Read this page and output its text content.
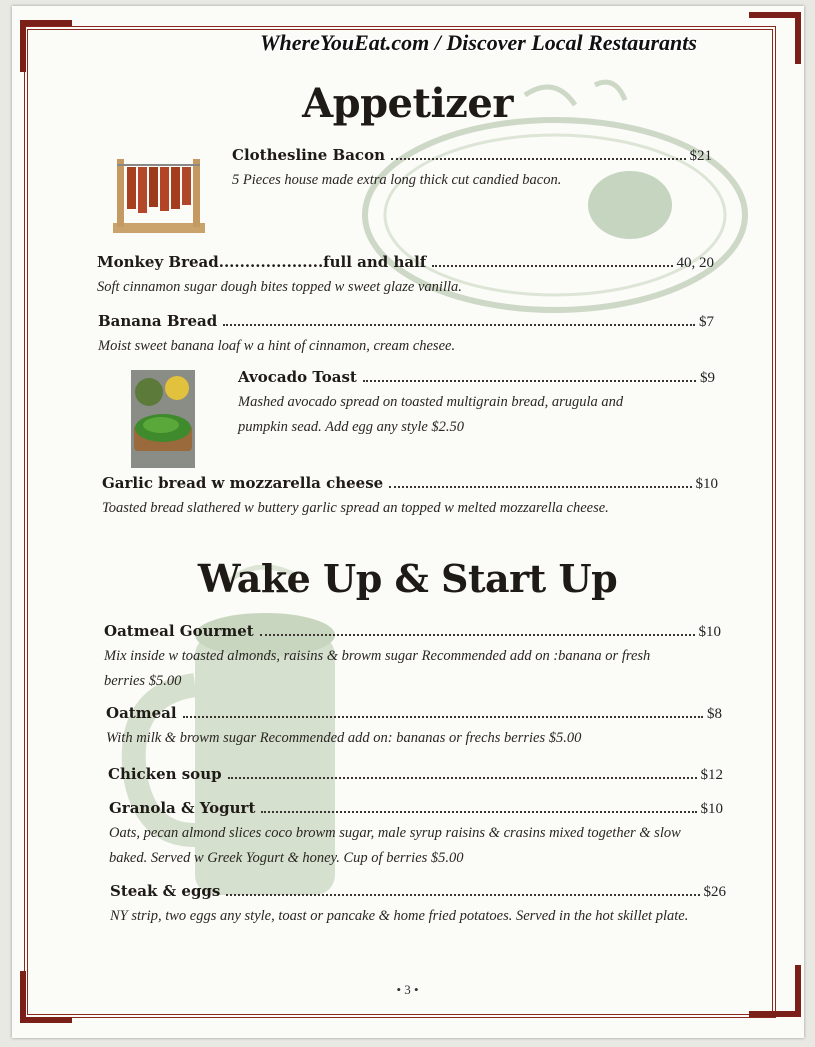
WhereYouEat.com / Discover Local Restaurants
Appetizer
Clothesline Bacon	$21
5 Pieces house made extra long thick cut candied bacon.
Monkey Bread....................full and half	40, 20
Soft cinnamon sugar dough bites topped w sweet glaze vanilla.
Banana Bread	$7
Moist sweet banana loaf w a hint of cinnamon, cream chesee.
Avocado Toast	$9
Mashed avocado spread on toasted multigrain bread, arugula and pumpkin sead. Add egg any style $2.50
Garlic bread w mozzarella cheese	$10
Toasted bread slathered w buttery garlic spread an topped w melted mozzarella cheese.
Wake Up & Start Up
Oatmeal Gourmet	$10
Mix inside w toasted almonds, raisins & browm sugar Recommended add on :banana or fresh berries $5.00
Oatmeal	$8
With milk & browm sugar Recommended add on: bananas or frechs berries $5.00
Chicken soup	$12
Granola & Yogurt	$10
Oats, pecan almond slices coco browm sugar, male syrup raisins & crasins mixed together & slow baked. Served w Greek Yogurt & honey. Cup of berries $5.00
Steak & eggs	$26
NY strip, two eggs any style, toast or pancake & home fried potatoes. Served in the hot skillet plate.
• 3 •
